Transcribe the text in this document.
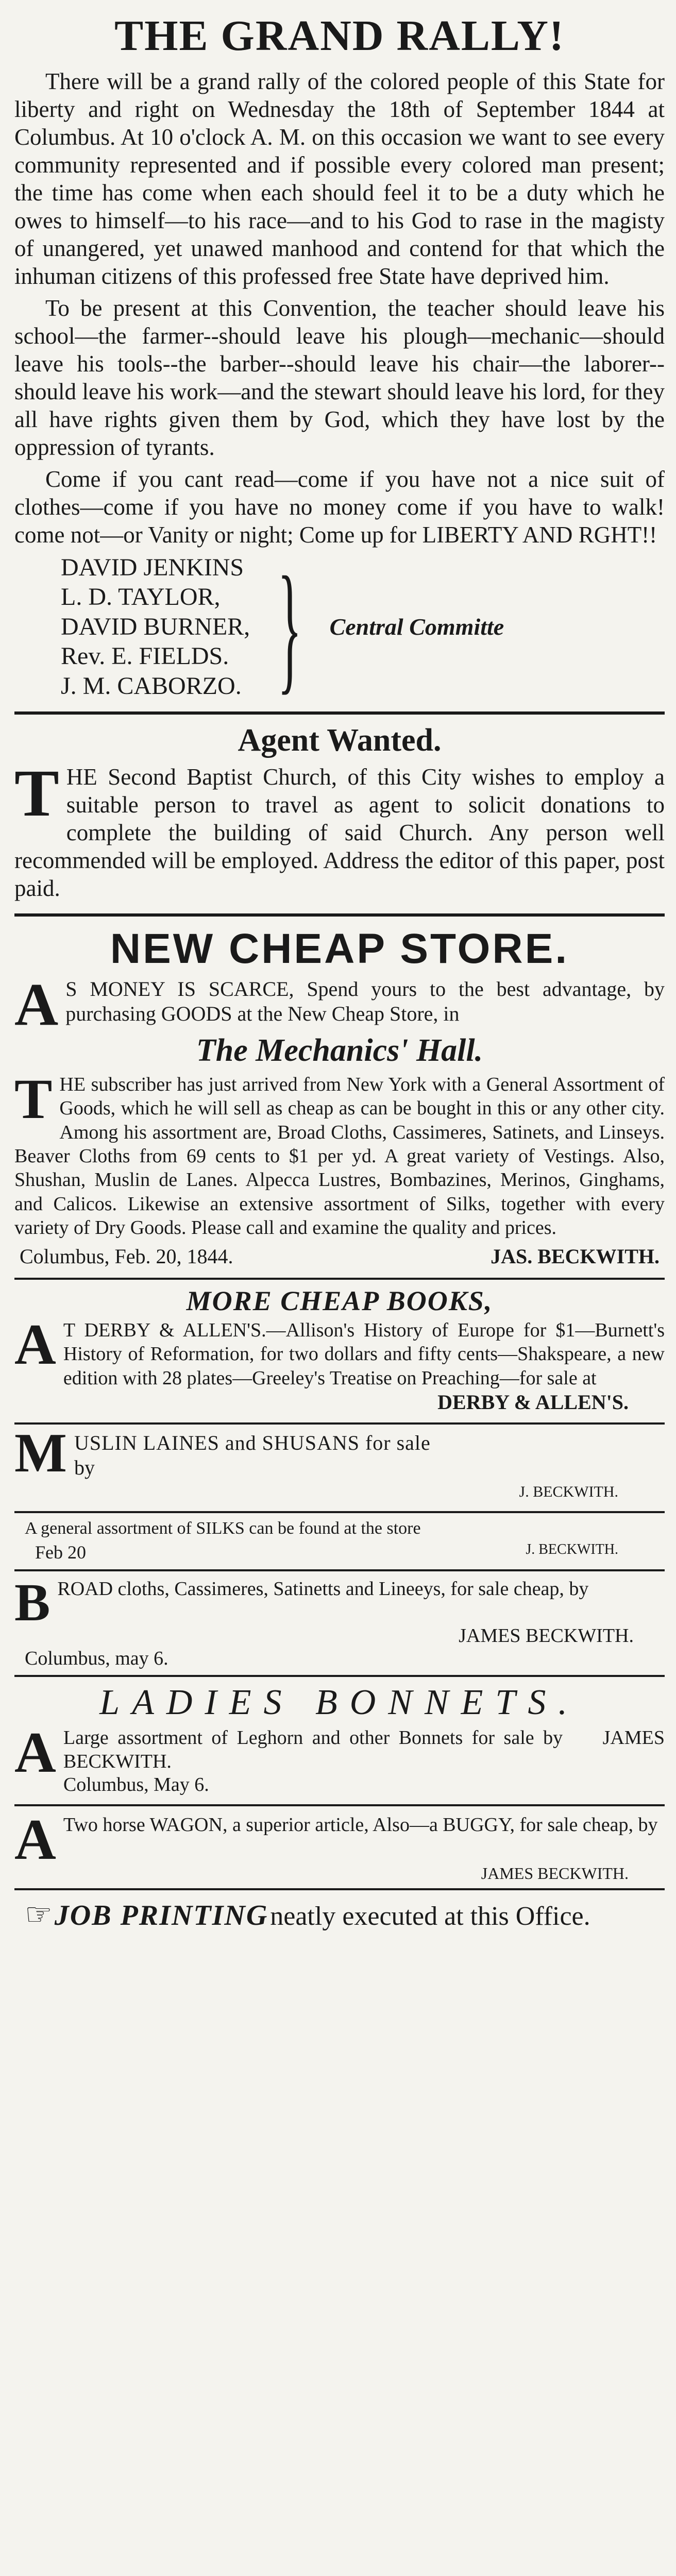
THE GRAND RALLY!

There will be a grand rally of the colored people of this State for liberty and right on Wednesday the 18th of September 1844 at Columbus. At 10 o'clock A. M. on this occasion we want to see every community represented and if possible every colored man present; the time has come when each should feel it to be a duty which he owes to himself—to his race—and to his God to rase in the magisty of unangered, yet unawed manhood and contend for that which the inhuman citizens of this professed free State have deprived him.

To be present at this Convention, the teacher should leave his school—the farmer--should leave his plough—mechanic—should leave his tools--the barber--should leave his chair—the laborer--should leave his work—and the stewart should leave his lord, for they all have rights given them by God, which they have lost by the oppression of tyrants.

Come if you cant read—come if you have not a nice suit of clothes—come if you have no money come if you have to walk! come not—or Vanity or night; Come up for LIBERTY AND RGHT!!

DAVID JENKINS
L. D. TAYLOR,
DAVID BURNER,
Rev. E. FIELDS.
J. M. CABORZO. } Central Committe
Agent Wanted.

T HE Second Baptist Church, of this City wishes to employ a suitable person to travel as agent to solicit donations to complete the building of said Church. Any person well recommended will be employed. Address the editor of this paper, post paid.

NEW CHEAP STORE.

A S MONEY IS SCARCE, Spend yours to the best advantage, by purchasing GOODS at the New Cheap Store, in

The Mechanics' Hall.

T HE subscriber has just arrived from New York with a General Assortment of Goods, which he will sell as cheap as can be bought in this or any other city. Among his assortment are, Broad Cloths, Cassimeres, Satinets, and Linseys. Beaver Cloths from 69 cents to $1 per yd. A great variety of Vestings. Also, Shushan, Muslin de Lanes. Alpecca Lustres, Bombazines, Merinos, Ginghams, and Calicos. Likewise an extensive assortment of Silks, together with every variety of Dry Goods. Please call and examine the quality and prices.

Columbus, Feb. 20, 1844.	JAS. BECKWITH.
MORE CHEAP BOOKS,

A T DERBY & ALLEN'S.—Allison's History of Europe for $1—Burnett's History of Reformation, for two dollars and fifty cents—Shakspeare, a new edition with 28 plates—Greeley's Treatise on Preaching—for sale at

DERBY & ALLEN'S.
M USLIN LAINES and SHUSANS for sale
by
J. BECKWITH.
A general assortment of SILKS can be found at the store
Feb 20	J. BECKWITH.

B ROAD cloths, Cassimeres, Satinetts and Lineeys, for sale cheap, by

JAMES BECKWITH.
Columbus, may 6.
LADIES BONNETS.

A Large assortment of Leghorn and other Bonnets for sale by JAMES BECKWITH.

Columbus, May 6.

A Two horse WAGON, a superior article, Also—a BUGGY, for sale cheap, by

JAMES BECKWITH.
☞ JOB PRINTING neatly executed at this Office.
